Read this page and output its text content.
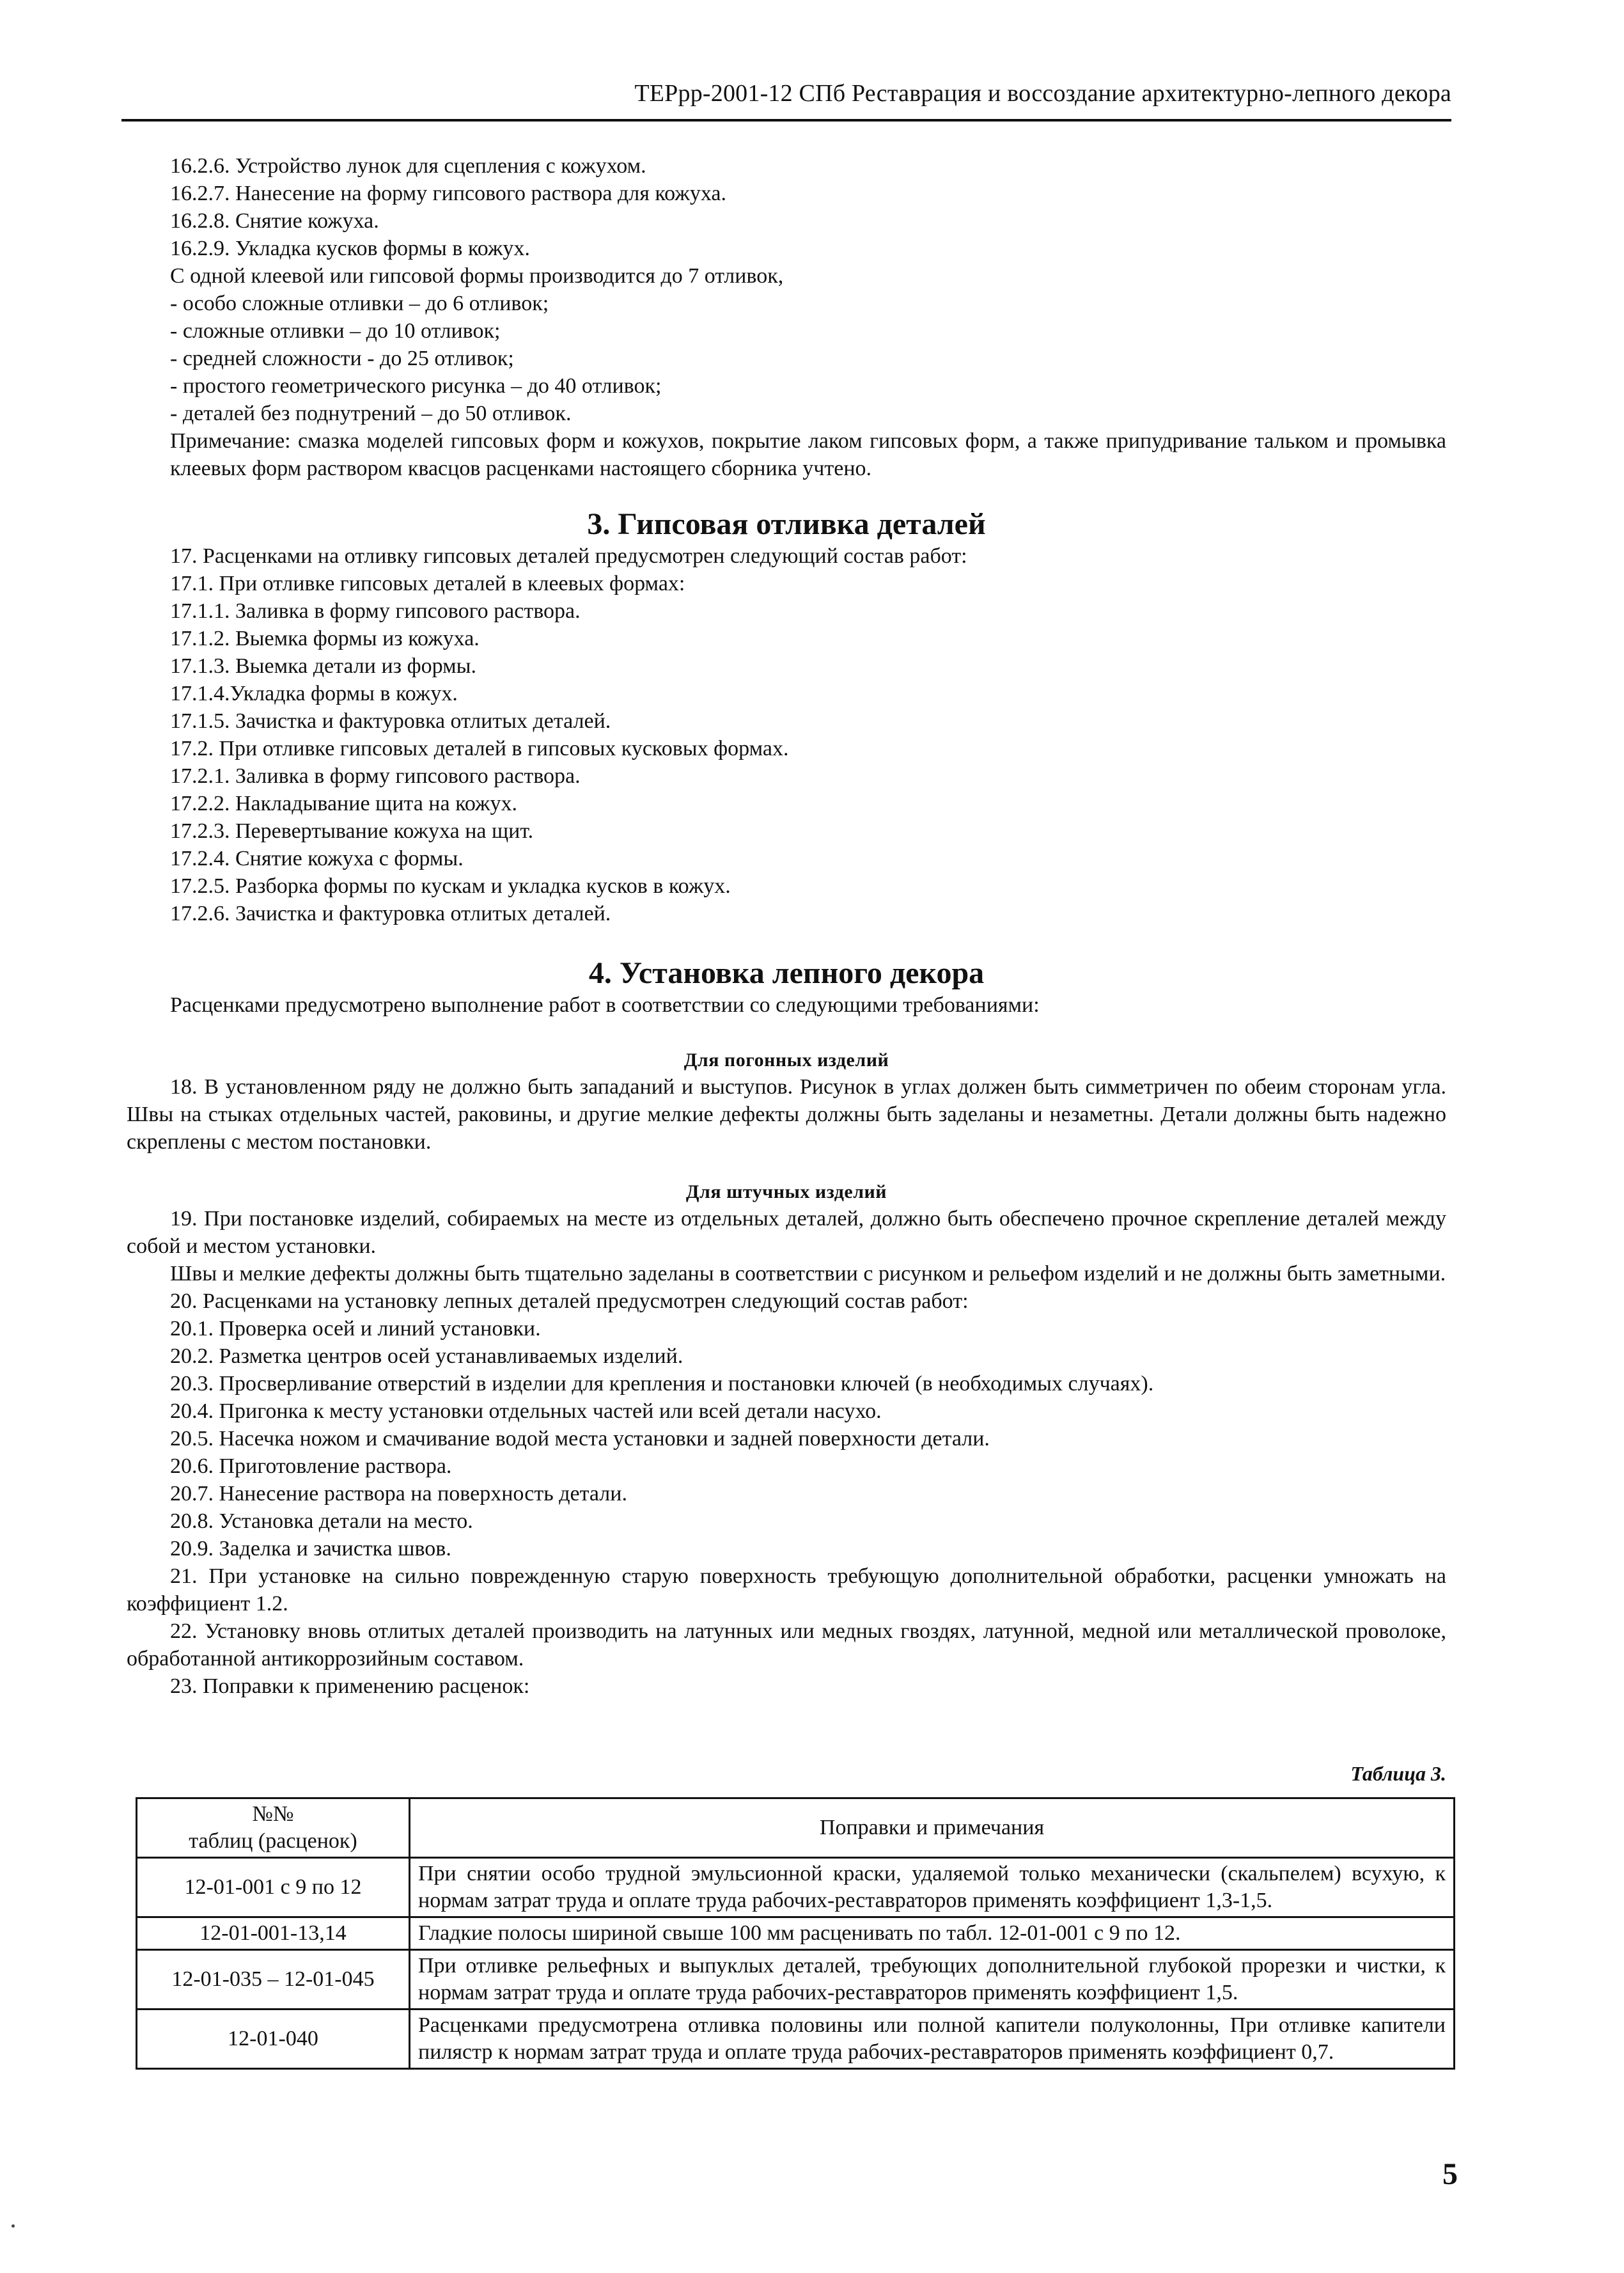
ТЕРрр-2001-12 СПб Реставрация и воссоздание архитектурно-лепного декора
16.2.6. Устройство лунок для сцепления с кожухом.
16.2.7. Нанесение на форму гипсового раствора для кожуха.
16.2.8. Снятие кожуха.
16.2.9. Укладка кусков формы в кожух.
С одной клеевой или гипсовой формы производится до 7 отливок,
- особо сложные отливки – до 6 отливок;
- сложные отливки – до 10 отливок;
- средней сложности - до 25 отливок;
- простого геометрического рисунка – до 40 отливок;
- деталей без поднутрений – до 50 отливок.
Примечание: смазка моделей гипсовых форм и кожухов, покрытие лаком гипсовых форм, а также припудривание тальком и промывка клеевых форм раствором квасцов расценками настоящего сборника учтено.
3. Гипсовая отливка деталей
17. Расценками на отливку гипсовых деталей предусмотрен следующий состав работ:
17.1. При отливке гипсовых деталей в клеевых формах:
17.1.1. Заливка в форму гипсового раствора.
17.1.2. Выемка формы из кожуха.
17.1.3. Выемка детали из формы.
17.1.4.Укладка формы в кожух.
17.1.5. Зачистка и фактуровка отлитых деталей.
17.2. При отливке гипсовых деталей в гипсовых кусковых формах.
17.2.1. Заливка в форму гипсового раствора.
17.2.2. Накладывание щита на кожух.
17.2.3. Перевертывание кожуха на щит.
17.2.4. Снятие кожуха с формы.
17.2.5. Разборка формы по кускам и укладка кусков в кожух.
17.2.6. Зачистка и фактуровка отлитых деталей.
4. Установка лепного декора
Расценками предусмотрено выполнение работ в соответствии со следующими требованиями:
Для погонных изделий
18. В установленном ряду не должно быть западаний и выступов. Рисунок в углах должен быть симметричен по обеим сторонам угла. Швы на стыках отдельных частей, раковины, и другие мелкие дефекты должны быть заделаны и незаметны. Детали должны быть надежно скреплены с местом постановки.
Для штучных изделий
19. При постановке изделий, собираемых на месте из отдельных деталей, должно быть обеспечено прочное скрепление деталей между собой и местом установки.
Швы и мелкие дефекты должны быть тщательно заделаны в соответствии с рисунком и рельефом изделий и не должны быть заметными.
20. Расценками на установку лепных деталей предусмотрен следующий состав работ:
20.1. Проверка осей и линий установки.
20.2. Разметка центров осей устанавливаемых изделий.
20.3. Просверливание отверстий в изделии для крепления и постановки ключей (в необходимых случаях).
20.4. Пригонка к месту установки отдельных частей или всей детали насухо.
20.5. Насечка ножом и смачивание водой места установки и задней поверхности детали.
20.6. Приготовление раствора.
20.7. Нанесение раствора на поверхность детали.
20.8. Установка детали на место.
20.9. Заделка и зачистка швов.
21. При установке на сильно поврежденную старую поверхность требующую дополнительной обработки, расценки умножать на коэффициент 1.2.
22. Установку вновь отлитых деталей производить на латунных или медных гвоздях, латунной, медной или металлической проволоке, обработанной антикоррозийным составом.
23. Поправки к применению расценок:
Таблица 3.
№№
таблиц (расценок)	Поправки и примечания
12-01-001 с 9 по 12	При снятии особо трудной эмульсионной краски, удаляемой только механически (скальпелем) всухую, к нормам затрат труда и оплате труда рабочих-реставраторов применять коэффициент 1,3-1,5.
12-01-001-13,14	Гладкие полосы шириной свыше 100 мм расценивать по табл. 12-01-001 с 9 по 12.
12-01-035 – 12-01-045	При отливке рельефных и выпуклых деталей, требующих дополнительной глубокой прорезки и чистки, к нормам затрат труда и оплате труда рабочих-реставраторов применять коэффициент 1,5.
12-01-040	Расценками предусмотрена отливка половины или полной капители полуколонны, При отливке капители пилястр к нормам затрат труда и оплате труда рабочих-реставраторов применять коэффициент 0,7.
5
